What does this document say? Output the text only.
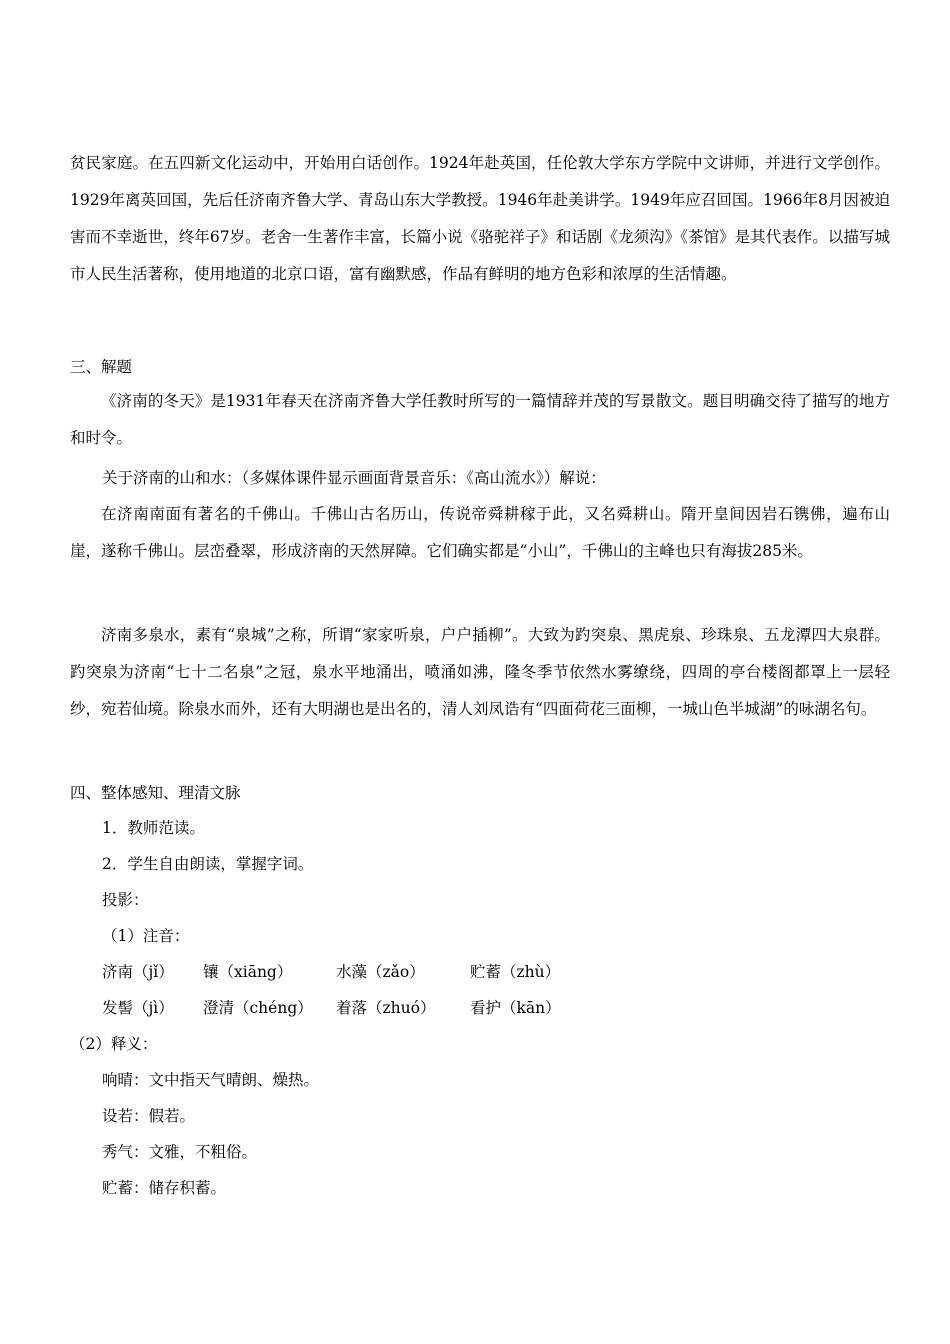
贫民家庭。在五四新文化运动中，开始用白话创作。1924年赴英国，任伦敦大学东方学院中文讲师，并进行文学创作。1929年离英回国，先后任济南齐鲁大学、青岛山东大学教授。1946年赴美讲学。1949年应召回国。1966年8月因被迫害而不幸逝世，终年67岁。老舍一生著作丰富，长篇小说《骆驼祥子》和话剧《龙须沟》《茶馆》是其代表作。以描写城市人民生活著称，使用地道的北京口语，富有幽默感，作品有鲜明的地方色彩和浓厚的生活情趣。
三、解题
《济南的冬天》是1931年春天在济南齐鲁大学任教时所写的一篇情辞并茂的写景散文。题目明确交待了描写的地方和时令。
关于济南的山和水：（多媒体课件显示画面背景音乐：《高山流水》）解说：
在济南南面有著名的千佛山。千佛山古名历山，传说帝舜耕稼于此，又名舜耕山。隋开皇间因岩石镌佛，遍布山崖，遂称千佛山。层峦叠翠，形成济南的天然屏障。它们确实都是“小山”，千佛山的主峰也只有海拔285米。
济南多泉水，素有“泉城”之称，所谓“家家听泉，户户插柳”。大致为趵突泉、黑虎泉、珍珠泉、五龙潭四大泉群。趵突泉为济南“七十二名泉”之冠，泉水平地涌出，喷涌如沸，隆冬季节依然水雾缭绕，四周的亭台楼阁都罩上一层轻纱，宛若仙境。除泉水而外，还有大明湖也是出名的，清人刘凤诰有“四面荷花三面柳，一城山色半城湖”的咏湖名句。
四、整体感知、理清文脉
1．教师范读。
2．学生自由朗读，掌握字词。
投影：
（1）注音：
济南（jǐ） 镶（xiāng）	水藻（zǎo）	贮蓄（zhù）
发髻（jì） 澄清（chéng） 着落（zhuó） 看护（kān）
（2）释义：
响晴：文中指天气晴朗、燥热。
设若：假若。
秀气：文雅，不粗俗。
贮蓄：储存积蓄。
